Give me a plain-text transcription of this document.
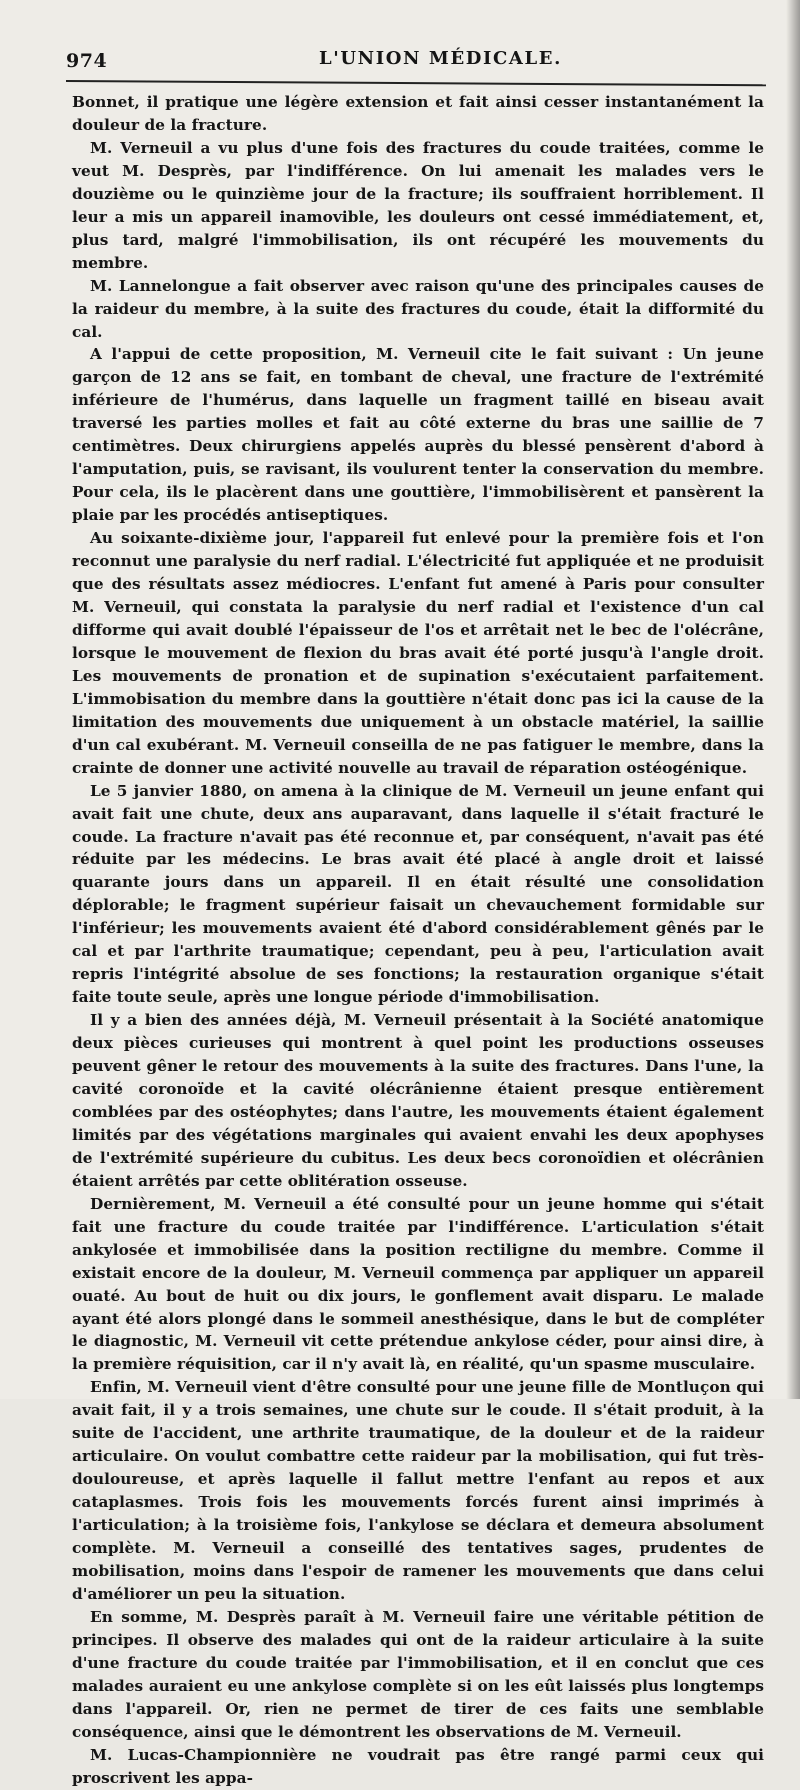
974	L'UNION MÉDICALE.

Bonnet, il pratique une légère extension et fait ainsi cesser instantanément la douleur de la fracture.

M. Verneuil a vu plus d'une fois des fractures du coude traitées, comme le veut M. Desprès, par l'indifférence. On lui amenait les malades vers le douzième ou le quinzième jour de la fracture; ils souffraient horriblement. Il leur a mis un appareil inamovible, les douleurs ont cessé immédiatement, et, plus tard, malgré l'immobilisation, ils ont récupéré les mouvements du membre.

M. Lannelongue a fait observer avec raison qu'une des principales causes de la raideur du membre, à la suite des fractures du coude, était la difformité du cal.

A l'appui de cette proposition, M. Verneuil cite le fait suivant : Un jeune garçon de 12 ans se fait, en tombant de cheval, une fracture de l'extrémité inférieure de l'humérus, dans laquelle un fragment taillé en biseau avait traversé les parties molles et fait au côté externe du bras une saillie de 7 centimètres. Deux chirurgiens appelés auprès du blessé pensèrent d'abord à l'amputation, puis, se ravisant, ils voulurent tenter la conservation du membre. Pour cela, ils le placèrent dans une gouttière, l'immobilisèrent et pansèrent la plaie par les procédés antiseptiques.

Au soixante-dixième jour, l'appareil fut enlevé pour la première fois et l'on reconnut une paralysie du nerf radial. L'électricité fut appliquée et ne produisit que des résultats assez médiocres. L'enfant fut amené à Paris pour consulter M. Verneuil, qui constata la paralysie du nerf radial et l'existence d'un cal difforme qui avait doublé l'épaisseur de l'os et arrêtait net le bec de l'olécrâne, lorsque le mouvement de flexion du bras avait été porté jusqu'à l'angle droit. Les mouvements de pronation et de supination s'exécutaient parfaitement. L'immobisation du membre dans la gouttière n'était donc pas ici la cause de la limitation des mouvements due uniquement à un obstacle matériel, la saillie d'un cal exubérant. M. Verneuil conseilla de ne pas fatiguer le membre, dans la crainte de donner une activité nouvelle au travail de réparation ostéogénique.

Le 5 janvier 1880, on amena à la clinique de M. Verneuil un jeune enfant qui avait fait une chute, deux ans auparavant, dans laquelle il s'était fracturé le coude. La fracture n'avait pas été reconnue et, par conséquent, n'avait pas été réduite par les médecins. Le bras avait été placé à angle droit et laissé quarante jours dans un appareil. Il en était résulté une consolidation déplorable; le fragment supérieur faisait un chevauchement formidable sur l'inférieur; les mouvements avaient été d'abord considérablement gênés par le cal et par l'arthrite traumatique; cependant, peu à peu, l'articulation avait repris l'intégrité absolue de ses fonctions; la restauration organique s'était faite toute seule, après une longue période d'immobilisation.

Il y a bien des années déjà, M. Verneuil présentait à la Société anatomique deux pièces curieuses qui montrent à quel point les productions osseuses peuvent gêner le retour des mouvements à la suite des fractures. Dans l'une, la cavité coronoïde et la cavité olécrânienne étaient presque entièrement comblées par des ostéophytes; dans l'autre, les mouvements étaient également limités par des végétations marginales qui avaient envahi les deux apophyses de l'extrémité supérieure du cubitus. Les deux becs coronoïdien et olécrânien étaient arrêtés par cette oblitération osseuse.

Dernièrement, M. Verneuil a été consulté pour un jeune homme qui s'était fait une fracture du coude traitée par l'indifférence. L'articulation s'était ankylosée et immobilisée dans la position rectiligne du membre. Comme il existait encore de la douleur, M. Verneuil commença par appliquer un appareil ouaté. Au bout de huit ou dix jours, le gonflement avait disparu. Le malade ayant été alors plongé dans le sommeil anesthésique, dans le but de compléter le diagnostic, M. Verneuil vit cette prétendue ankylose céder, pour ainsi dire, à la première réquisition, car il n'y avait là, en réalité, qu'un spasme musculaire.

Enfin, M. Verneuil vient d'être consulté pour une jeune fille de Montluçon qui avait fait, il y a trois semaines, une chute sur le coude. Il s'était produit, à la suite de l'accident, une arthrite traumatique, de la douleur et de la raideur articulaire. On voulut combattre cette raideur par la mobilisation, qui fut très-douloureuse, et après laquelle il fallut mettre l'enfant au repos et aux cataplasmes. Trois fois les mouvements forcés furent ainsi imprimés à l'articulation; à la troisième fois, l'ankylose se déclara et demeura absolument complète. M. Verneuil a conseillé des tentatives sages, prudentes de mobilisation, moins dans l'espoir de ramener les mouvements que dans celui d'améliorer un peu la situation.

En somme, M. Desprès paraît à M. Verneuil faire une véritable pétition de principes. Il observe des malades qui ont de la raideur articulaire à la suite d'une fracture du coude traitée par l'immobilisation, et il en conclut que ces malades auraient eu une ankylose complète si on les eût laissés plus longtemps dans l'appareil. Or, rien ne permet de tirer de ces faits une semblable conséquence, ainsi que le démontrent les observations de M. Verneuil.

M. Lucas-Championnière ne voudrait pas être rangé parmi ceux qui proscrivent les appa-
